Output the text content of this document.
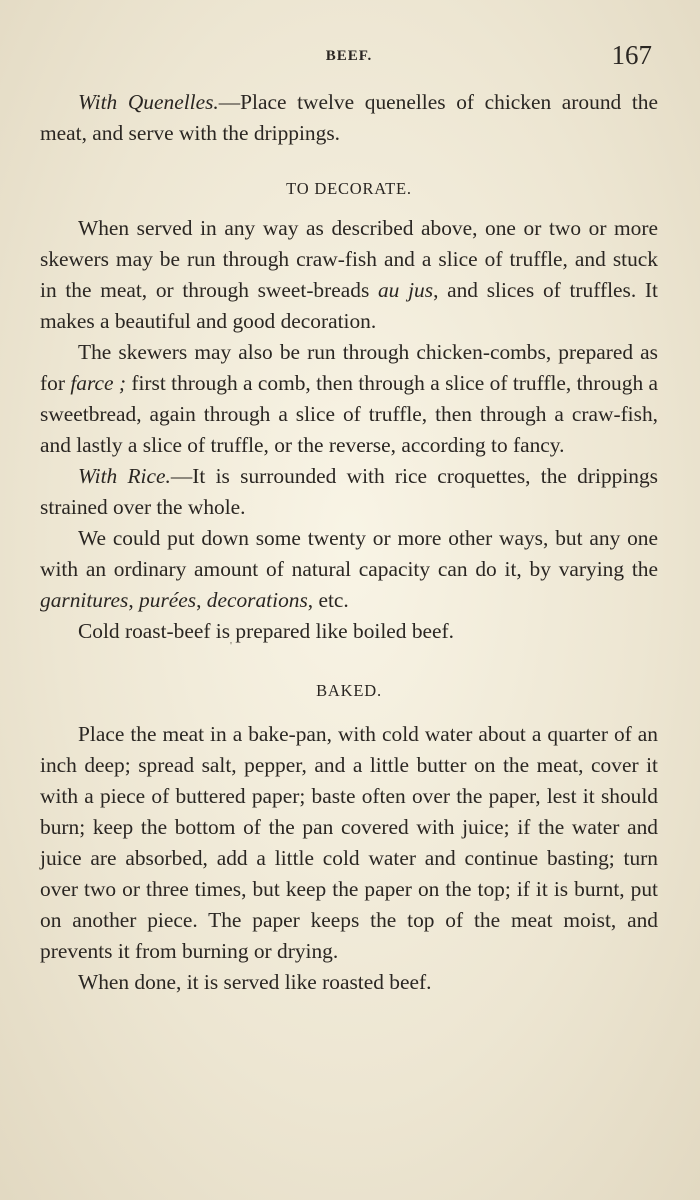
BEEF.	167

With Quenelles.—Place twelve quenelles of chicken around the meat, and serve with the drippings.

TO DECORATE.

When served in any way as described above, one or two or more skewers may be run through craw-fish and a slice of truffle, and stuck in the meat, or through sweet-breads au jus, and slices of truffles. It makes a beautiful and good decoration.

The skewers may also be run through chicken-combs, prepared as for farce ; first through a comb, then through a slice of truffle, through a sweetbread, again through a slice of truffle, then through a craw-fish, and lastly a slice of truffle, or the reverse, according to fancy.

With Rice.—It is surrounded with rice croquettes, the drippings strained over the whole.

We could put down some twenty or more other ways, but any one with an ordinary amount of natural capacity can do it, by varying the garnitures, purées, decorations, etc.

Cold roast-beef is prepared like boiled beef.

BAKED.

Place the meat in a bake-pan, with cold water about a quarter of an inch deep; spread salt, pepper, and a little butter on the meat, cover it with a piece of buttered paper; baste often over the paper, lest it should burn; keep the bottom of the pan covered with juice; if the water and juice are absorbed, add a little cold water and continue basting; turn over two or three times, but keep the paper on the top; if it is burnt, put on another piece. The paper keeps the top of the meat moist, and prevents it from burning or drying.

When done, it is served like roasted beef.

'
